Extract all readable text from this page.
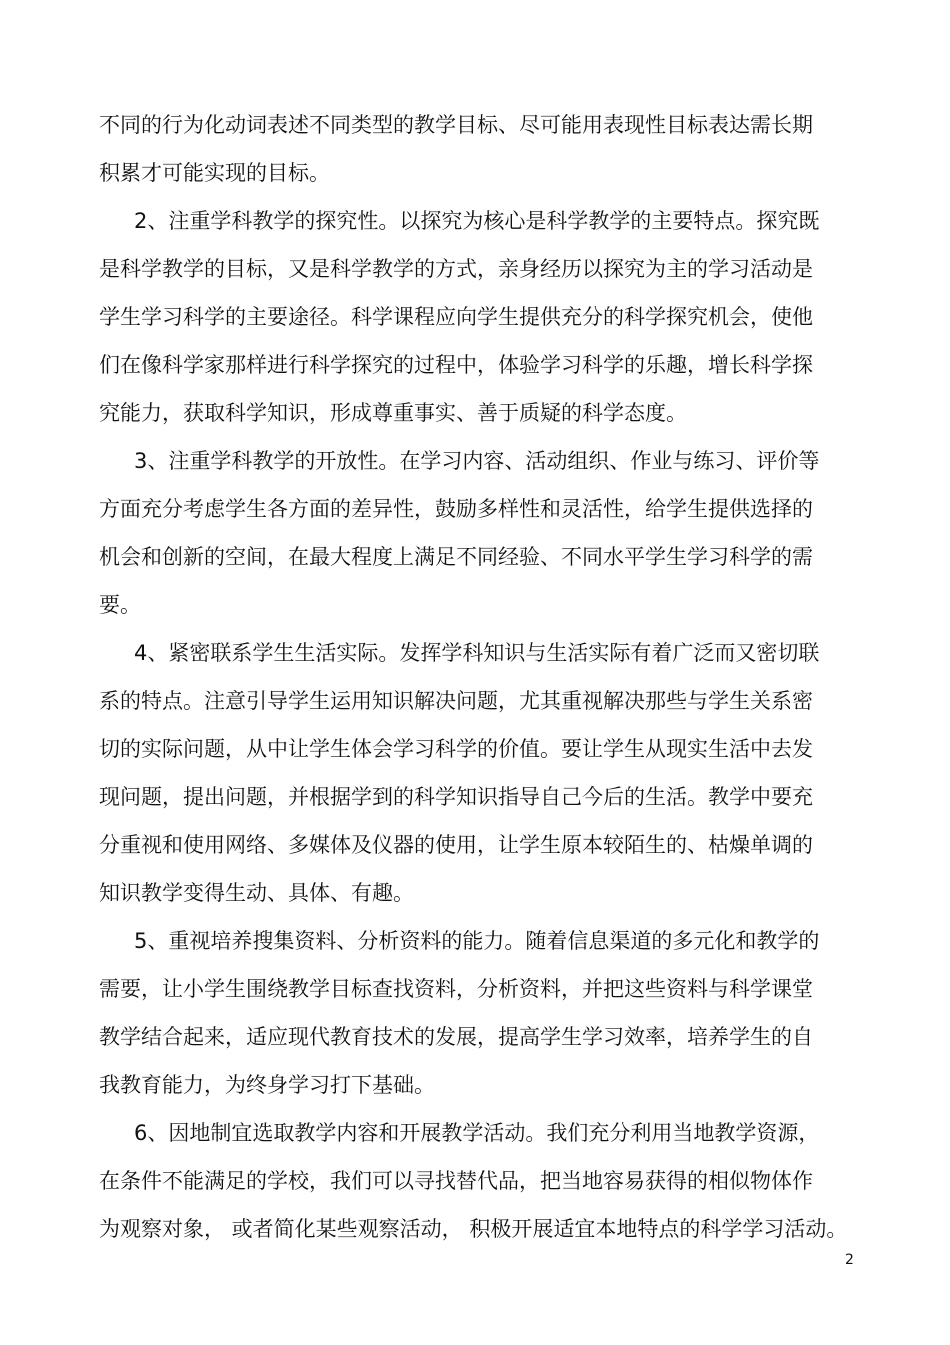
不同的行为化动词表述不同类型的教学目标、尽可能用表现性目标表达需长期
积累才可能实现的目标。
2、注重学科教学的探究性。以探究为核心是科学教学的主要特点。探究既
是科学教学的目标，又是科学教学的方式，亲身经历以探究为主的学习活动是
学生学习科学的主要途径。科学课程应向学生提供充分的科学探究机会，使他
们在像科学家那样进行科学探究的过程中，体验学习科学的乐趣，增长科学探
究能力，获取科学知识，形成尊重事实、善于质疑的科学态度。
3、注重学科教学的开放性。在学习内容、活动组织、作业与练习、评价等
方面充分考虑学生各方面的差异性，鼓励多样性和灵活性，给学生提供选择的
机会和创新的空间，在最大程度上满足不同经验、不同水平学生学习科学的需
要。
4、紧密联系学生生活实际。发挥学科知识与生活实际有着广泛而又密切联
系的特点。注意引导学生运用知识解决问题，尤其重视解决那些与学生关系密
切的实际问题，从中让学生体会学习科学的价值。要让学生从现实生活中去发
现问题，提出问题，并根据学到的科学知识指导自己今后的生活。教学中要充
分重视和使用网络、多媒体及仪器的使用，让学生原本较陌生的、枯燥单调的
知识教学变得生动、具体、有趣。
5、重视培养搜集资料、分析资料的能力。随着信息渠道的多元化和教学的
需要，让小学生围绕教学目标查找资料，分析资料，并把这些资料与科学课堂
教学结合起来，适应现代教育技术的发展，提高学生学习效率，培养学生的自
我教育能力，为终身学习打下基础。
6、因地制宜选取教学内容和开展教学活动。我们充分利用当地教学资源，
在条件不能满足的学校，我们可以寻找替代品，把当地容易获得的相似物体作
为观察对象， 或者简化某些观察活动， 积极开展适宜本地特点的科学学习活动。
2
